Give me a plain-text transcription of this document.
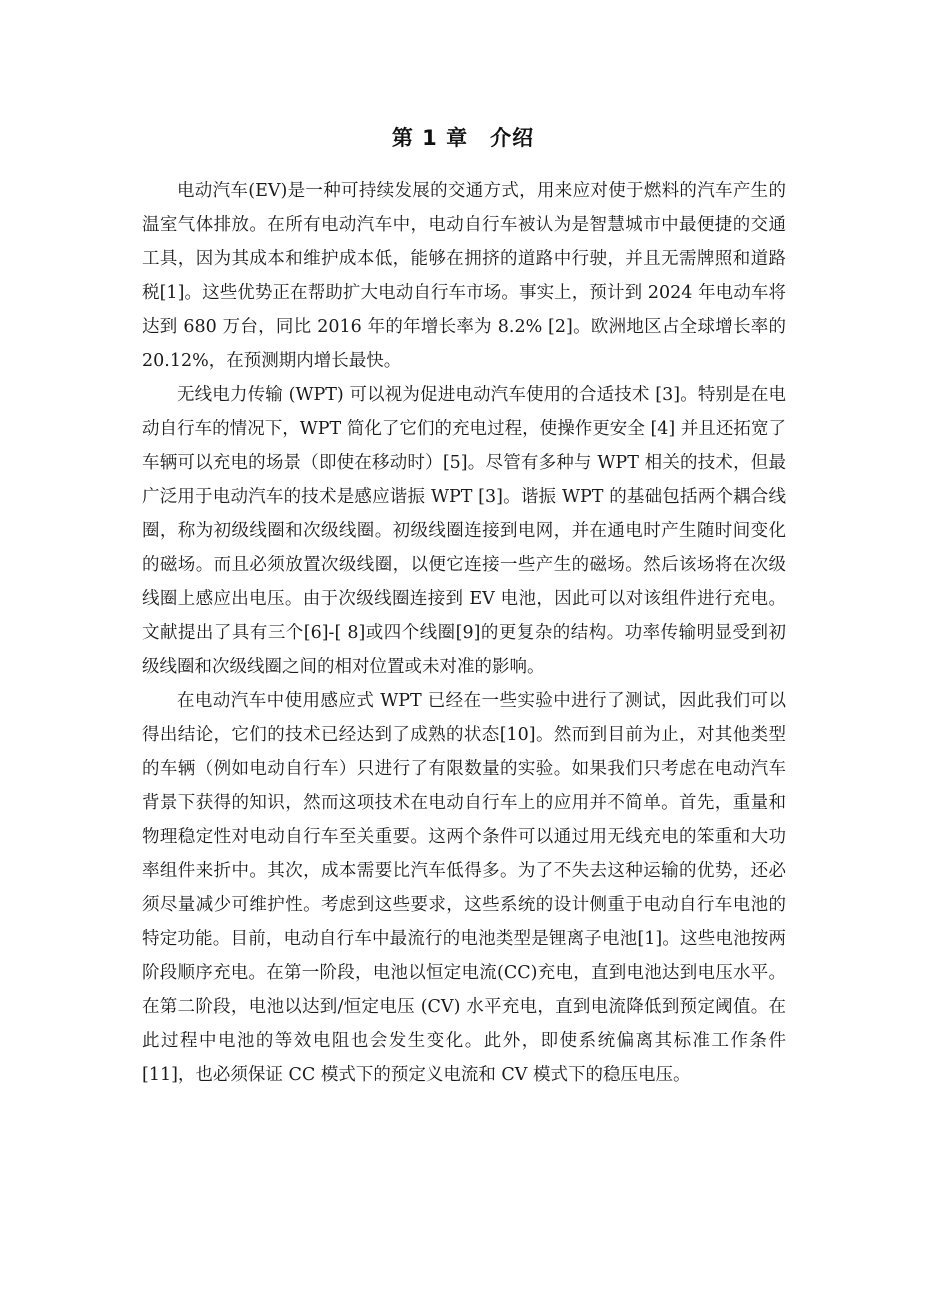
第 1 章 介绍

电动汽车(EV)是一种可持续发展的交通方式，用来应对使于燃料的汽车产生的温室气体排放。在所有电动汽车中，电动自行车被认为是智慧城市中最便捷的交通工具，因为其成本和维护成本低，能够在拥挤的道路中行驶，并且无需牌照和道路税[1]。这些优势正在帮助扩大电动自行车市场。事实上，预计到 2024 年电动车将达到 680 万台，同比 2016 年的年增长率为 8.2% [2]。欧洲地区占全球增长率的 20.12%，在预测期内增长最快。

无线电力传输 (WPT) 可以视为促进电动汽车使用的合适技术 [3]。特别是在电动自行车的情况下，WPT 简化了它们的充电过程，使操作更安全 [4] 并且还拓宽了车辆可以充电的场景（即使在移动时）[5]。尽管有多种与 WPT 相关的技术，但最广泛用于电动汽车的技术是感应谐振 WPT [3]。谐振 WPT 的基础包括两个耦合线圈，称为初级线圈和次级线圈。初级线圈连接到电网，并在通电时产生随时间变化的磁场。而且必须放置次级线圈，以便它连接一些产生的磁场。然后该场将在次级线圈上感应出电压。由于次级线圈连接到 EV 电池，因此可以对该组件进行充电。文献提出了具有三个[6]-[ 8]或四个线圈[9]的更复杂的结构。功率传输明显受到初级线圈和次级线圈之间的相对位置或未对准的影响。

在电动汽车中使用感应式 WPT 已经在一些实验中进行了测试，因此我们可以得出结论，它们的技术已经达到了成熟的状态[10]。然而到目前为止，对其他类型的车辆（例如电动自行车）只进行了有限数量的实验。如果我们只考虑在电动汽车背景下获得的知识，然而这项技术在电动自行车上的应用并不简单。首先，重量和物理稳定性对电动自行车至关重要。这两个条件可以通过用无线充电的笨重和大功率组件来折中。其次，成本需要比汽车低得多。为了不失去这种运输的优势，还必须尽量减少可维护性。考虑到这些要求，这些系统的设计侧重于电动自行车电池的特定功能。目前，电动自行车中最流行的电池类型是锂离子电池[1]。这些电池按两阶段顺序充电。在第一阶段，电池以恒定电流(CC)充电，直到电池达到电压水平。在第二阶段，电池以达到/恒定电压 (CV) 水平充电，直到电流降低到预定阈值。在此过程中电池的等效电阻也会发生变化。此外，即使系统偏离其标准工作条件[11]，也必须保证 CC 模式下的预定义电流和 CV 模式下的稳压电压。
